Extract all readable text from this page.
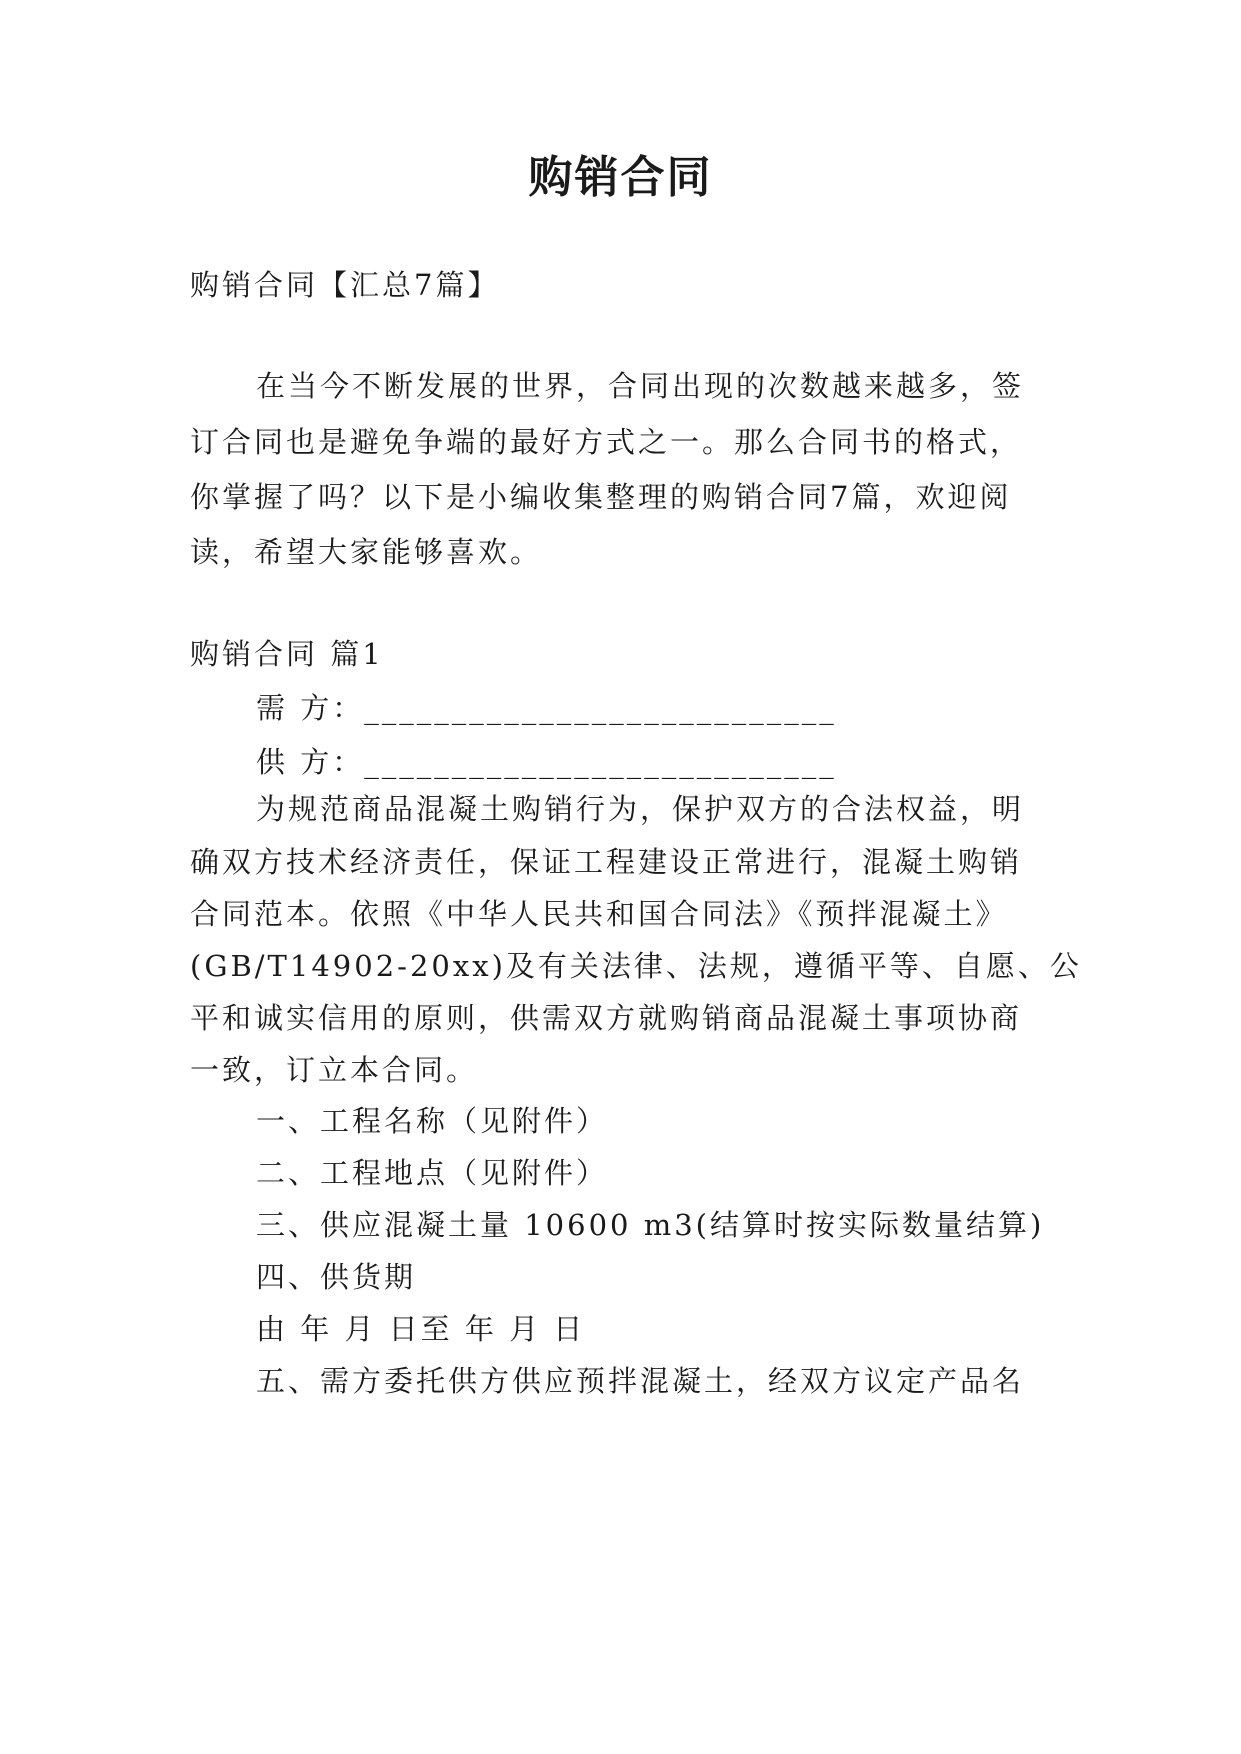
购销合同

购销合同【汇总7篇】

在当今不断发展的世界，合同出现的次数越来越多，签

订合同也是避免争端的最好方式之一。那么合同书的格式，

你掌握了吗？以下是小编收集整理的购销合同7篇，欢迎阅

读，希望大家能够喜欢。

购销合同 篇1

需 方：___________________________

供 方：___________________________

为规范商品混凝土购销行为，保护双方的合法权益，明

确双方技术经济责任，保证工程建设正常进行，混凝土购销

合同范本。依照《中华人民共和国合同法》《预拌混凝土》

(GB/T14902-20xx)及有关法律、法规，遵循平等、自愿、公

平和诚实信用的原则，供需双方就购销商品混凝土事项协商

一致，订立本合同。

一、工程名称（见附件）

二、工程地点（见附件）

三、供应混凝土量 10600 m3(结算时按实际数量结算)

四、供货期

由 年 月 日至 年 月 日

五、需方委托供方供应预拌混凝土，经双方议定产品名
